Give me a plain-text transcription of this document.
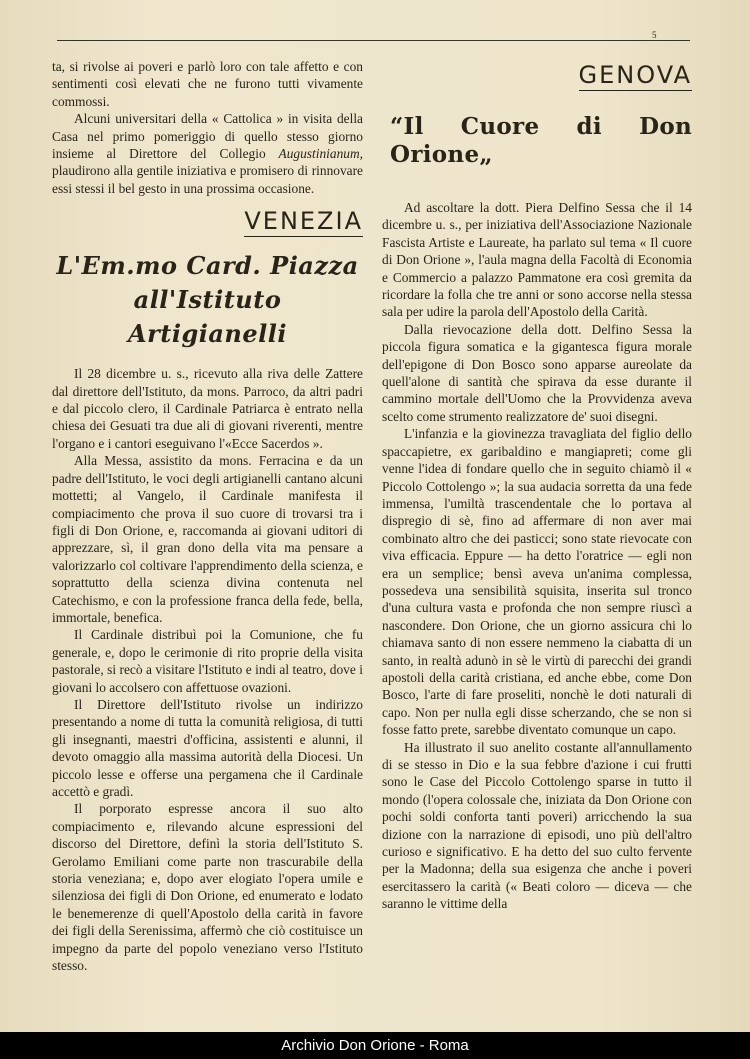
5

ta, si rivolse ai poveri e parlò loro con tale affetto e con sentimenti così elevati che ne furono tutti vivamente commossi.

Alcuni universitari della « Cattolica » in visita della Casa nel primo pomeriggio di quello stesso giorno insieme al Direttore del Collegio Augustinianum, plaudirono alla gentile iniziativa e promisero di rinnovare essi stessi il bel gesto in una prossima occasione.

VENEZIA
L'Em.mo Card. Piazza
all'Istituto Artigianelli

Il 28 dicembre u. s., ricevuto alla riva delle Zattere dal direttore dell'Istituto, da mons. Parroco, da altri padri e dal piccolo clero, il Cardinale Patriarca è entrato nella chiesa dei Gesuati tra due ali di giovani riverenti, mentre l'organo e i cantori eseguivano l'«Ecce Sacerdos ».

Alla Messa, assistito da mons. Ferracina e da un padre dell'Istituto, le voci degli artigianelli cantano alcuni mottetti; al Vangelo, il Cardinale manifesta il compiacimento che prova il suo cuore di trovarsi tra i figli di Don Orione, e, raccomanda ai giovani uditori di apprezzare, sì, il gran dono della vita ma pensare a valorizzarlo col coltivare l'apprendimento della scienza, e soprattutto della scienza divina contenuta nel Catechismo, e con la professione franca della fede, bella, immortale, benefica.

Il Cardinale distribuì poi la Comunione, che fu generale, e, dopo le cerimonie di rito proprie della visita pastorale, si recò a visitare l'Istituto e indi al teatro, dove i giovani lo accolsero con affettuose ovazioni.

Il Direttore dell'Istituto rivolse un indirizzo presentando a nome di tutta la comunità religiosa, di tutti gli insegnanti, maestri d'officina, assistenti e alunni, il devoto omaggio alla massima autorità della Diocesi. Un piccolo lesse e offerse una pergamena che il Cardinale accettò e gradì.

Il porporato espresse ancora il suo alto compiacimento e, rilevando alcune espressioni del discorso del Direttore, definì la storia dell'Istituto S. Gerolamo Emiliani come parte non trascurabile della storia veneziana; e, dopo aver elogiato l'opera umile e silenziosa dei figli di Don Orione, ed enumerato e lodato le benemerenze di quell'Apostolo della carità in favore dei figli della Serenissima, affermò che ciò costituisce un impegno da parte del popolo veneziano verso l'Istituto stesso.

GENOVA
“Il Cuore di Don Orione„

Ad ascoltare la dott. Piera Delfino Sessa che il 14 dicembre u. s., per iniziativa dell'Associazione Nazionale Fascista Artiste e Laureate, ha parlato sul tema « Il cuore di Don Orione », l'aula magna della Facoltà di Economia e Commercio a palazzo Pammatone era così gremita da ricordare la folla che tre anni or sono accorse nella stessa sala per udire la parola dell'Apostolo della Carità.

Dalla rievocazione della dott. Delfino Sessa la piccola figura somatica e la gigantesca figura morale dell'epigone di Don Bosco sono apparse aureolate da quell'alone di santità che spirava da esse durante il cammino mortale dell'Uomo che la Provvidenza aveva scelto come strumento realizzatore de' suoi disegni.

L'infanzia e la giovinezza travagliata del figlio dello spaccapietre, ex garibaldino e mangiapreti; come gli venne l'idea di fondare quello che in seguito chiamò il « Piccolo Cottolengo »; la sua audacia sorretta da una fede immensa, l'umiltà trascendentale che lo portava al dispregio di sè, fino ad affermare di non aver mai combinato altro che dei pasticci; sono state rievocate con viva efficacia. Eppure — ha detto l'oratrice — egli non era un semplice; bensì aveva un'anima complessa, possedeva una sensibilità squisita, inserita sul tronco d'una cultura vasta e profonda che non sempre riuscì a nascondere. Don Orione, che un giorno assicura chi lo chiamava santo di non essere nemmeno la ciabatta di un santo, in realtà adunò in sè le virtù di parecchi dei grandi apostoli della carità cristiana, ed anche ebbe, come Don Bosco, l'arte di fare proseliti, nonchè le doti naturali di capo. Non per nulla egli disse scherzando, che se non si fosse fatto prete, sarebbe diventato comunque un capo.

Ha illustrato il suo anelito costante all'annullamento di se stesso in Dio e la sua febbre d'azione i cui frutti sono le Case del Piccolo Cottolengo sparse in tutto il mondo (l'opera colossale che, iniziata da Don Orione con pochi soldi conforta tanti poveri) arricchendo la sua dizione con la narrazione di episodi, uno più dell'altro curioso e significativo. E ha detto del suo culto fervente per la Madonna; della sua esigenza che anche i poveri esercitassero la carità (« Beati coloro — diceva — che saranno le vittime della

Archivio Don Orione - Roma
